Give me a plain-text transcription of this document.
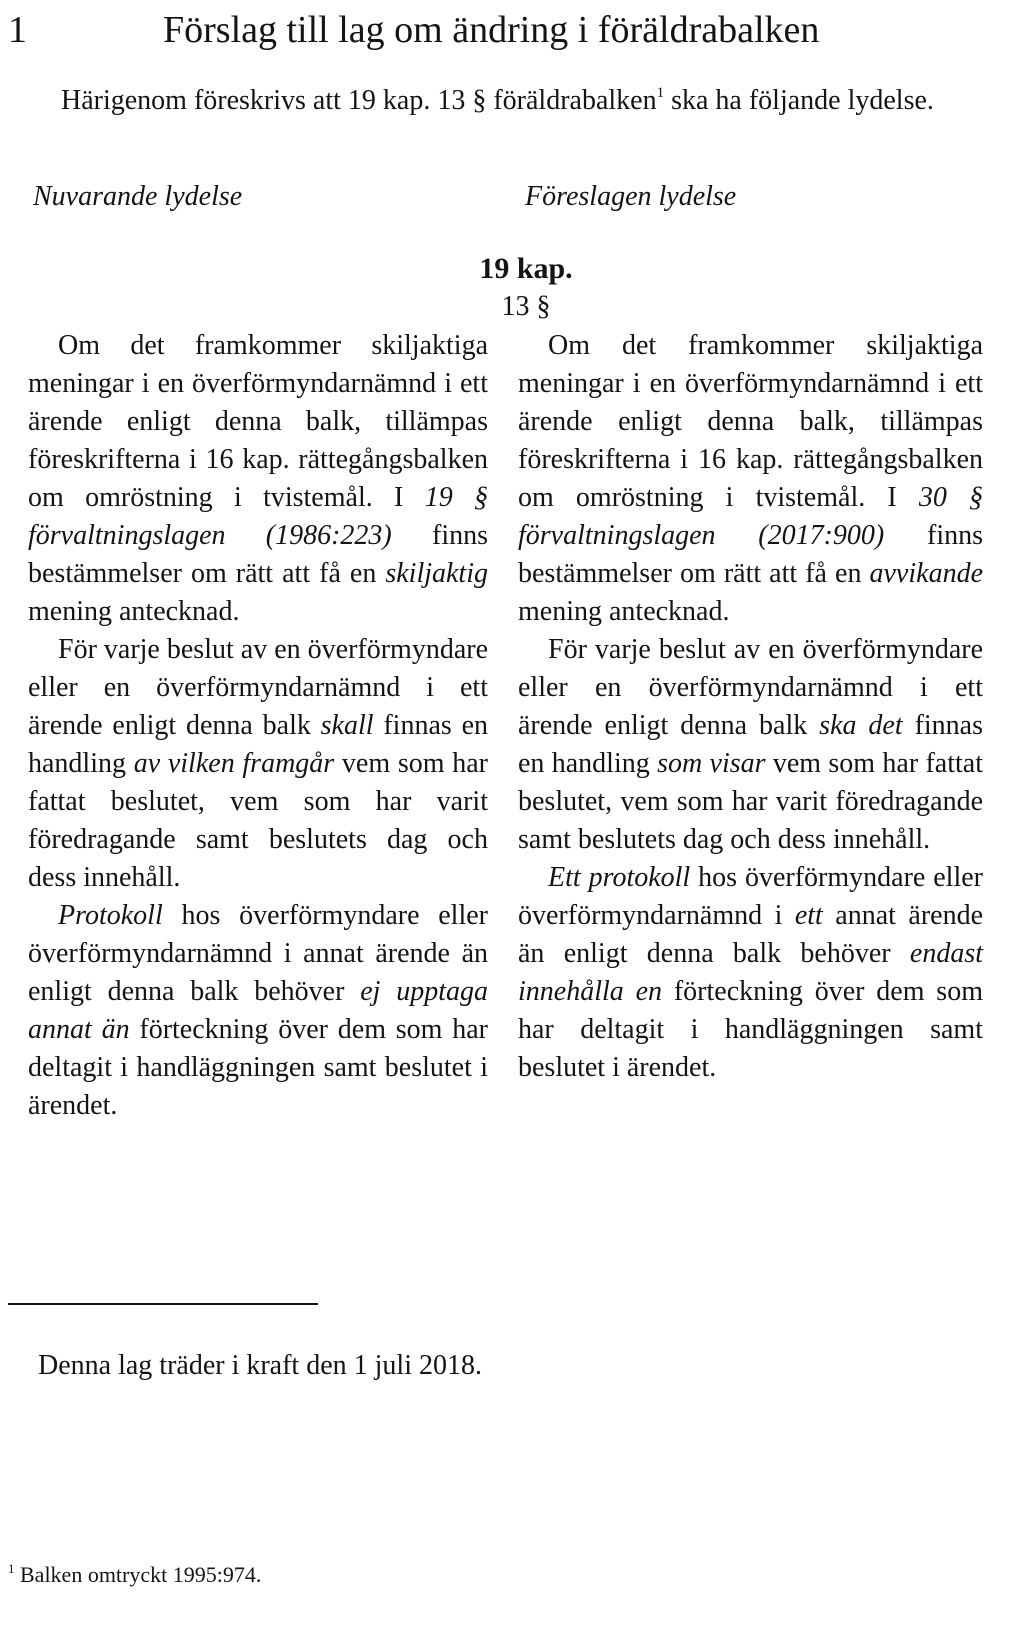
1	Förslag till lag om ändring i föräldrabalken
Härigenom föreskrivs att 19 kap. 13 § föräldrabalken$^1$ ska ha följande lydelse.
Nuvarande lydelse	Föreslagen lydelse
19 kap.
13 §

Om det framkommer skiljaktiga meningar i en överförmyndarnämnd i ett ärende enligt denna balk, tillämpas föreskrifterna i 16 kap. rättegångsbalken om omröstning i tvistemål. I 19 § förvaltningslagen (1986:223) finns bestämmelser om rätt att få en skiljaktig mening antecknad.

För varje beslut av en överförmyndare eller en överförmyndarnämnd i ett ärende enligt denna balk skall finnas en handling av vilken framgår vem som har fattat beslutet, vem som har varit föredragande samt beslutets dag och dess innehåll.

Protokoll hos överförmyndare eller överförmyndarnämnd i annat ärende än enligt denna balk behöver ej upptaga annat än förteckning över dem som har deltagit i handläggningen samt beslutet i ärendet.

Om det framkommer skiljaktiga meningar i en överförmyndarnämnd i ett ärende enligt denna balk, tillämpas föreskrifterna i 16 kap. rättegångsbalken om omröstning i tvistemål. I 30 § förvaltningslagen (2017:900) finns bestämmelser om rätt att få en avvikande mening antecknad.

För varje beslut av en överförmyndare eller en överförmyndarnämnd i ett ärende enligt denna balk ska det finnas en handling som visar vem som har fattat beslutet, vem som har varit föredragande samt beslutets dag och dess innehåll.

Ett protokoll hos överförmyndare eller överförmyndarnämnd i ett annat ärende än enligt denna balk behöver endast innehålla en förteckning över dem som har deltagit i handläggningen samt beslutet i ärendet.

Denna lag träder i kraft den 1 juli 2018.
$^1$ Balken omtryckt 1995:974.
